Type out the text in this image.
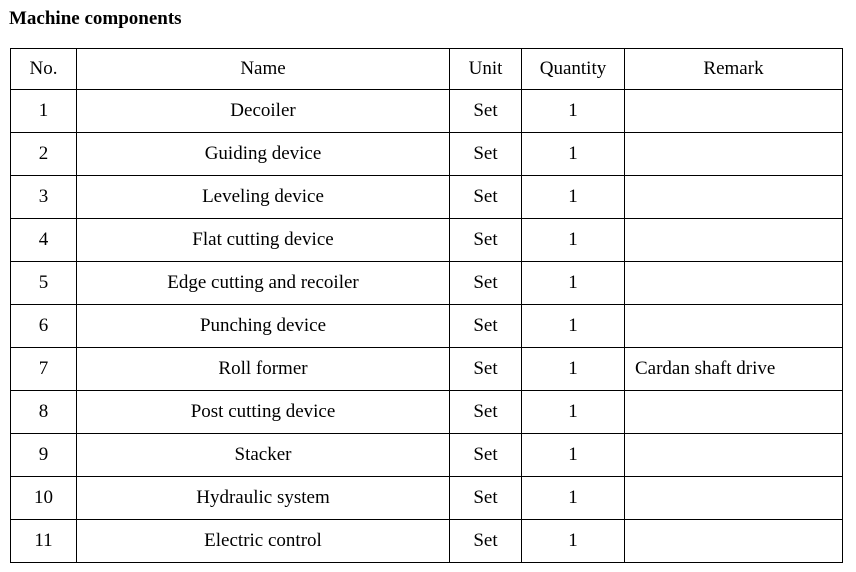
Machine components
No.	Name	Unit	Quantity	Remark
1	Decoiler	Set	1	
2	Guiding device	Set	1	
3	Leveling device	Set	1	
4	Flat cutting device	Set	1	
5	Edge cutting and recoiler	Set	1	
6	Punching device	Set	1	
7	Roll former	Set	1	Cardan shaft drive
8	Post cutting device	Set	1	
9	Stacker	Set	1	
10	Hydraulic system	Set	1	
11	Electric control	Set	1	
